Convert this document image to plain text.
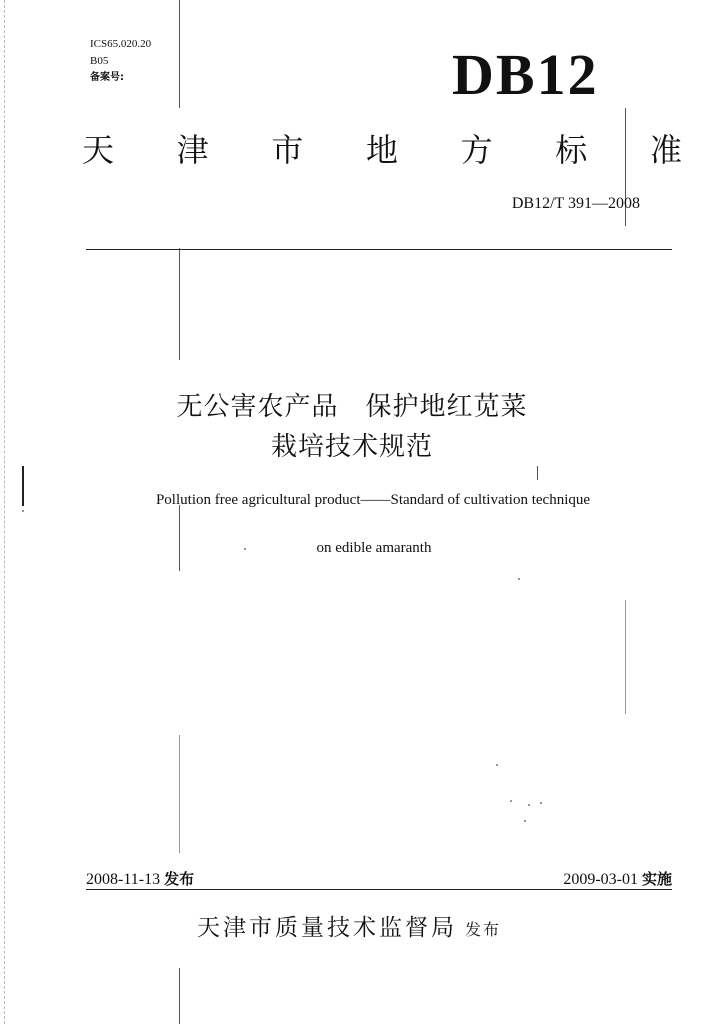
ICS65.020.20
B05
备案号:	DB12
天 津 市 地 方 标 准
DB12/T 391—2008
无公害农产品　保护地红苋菜
栽培技术规范
Pollution free agricultural product——Standard of cultivation technique
on edible amaranth
2008-11-13 发布	2009-03-01 实施
天津市质量技术监督局 发布
